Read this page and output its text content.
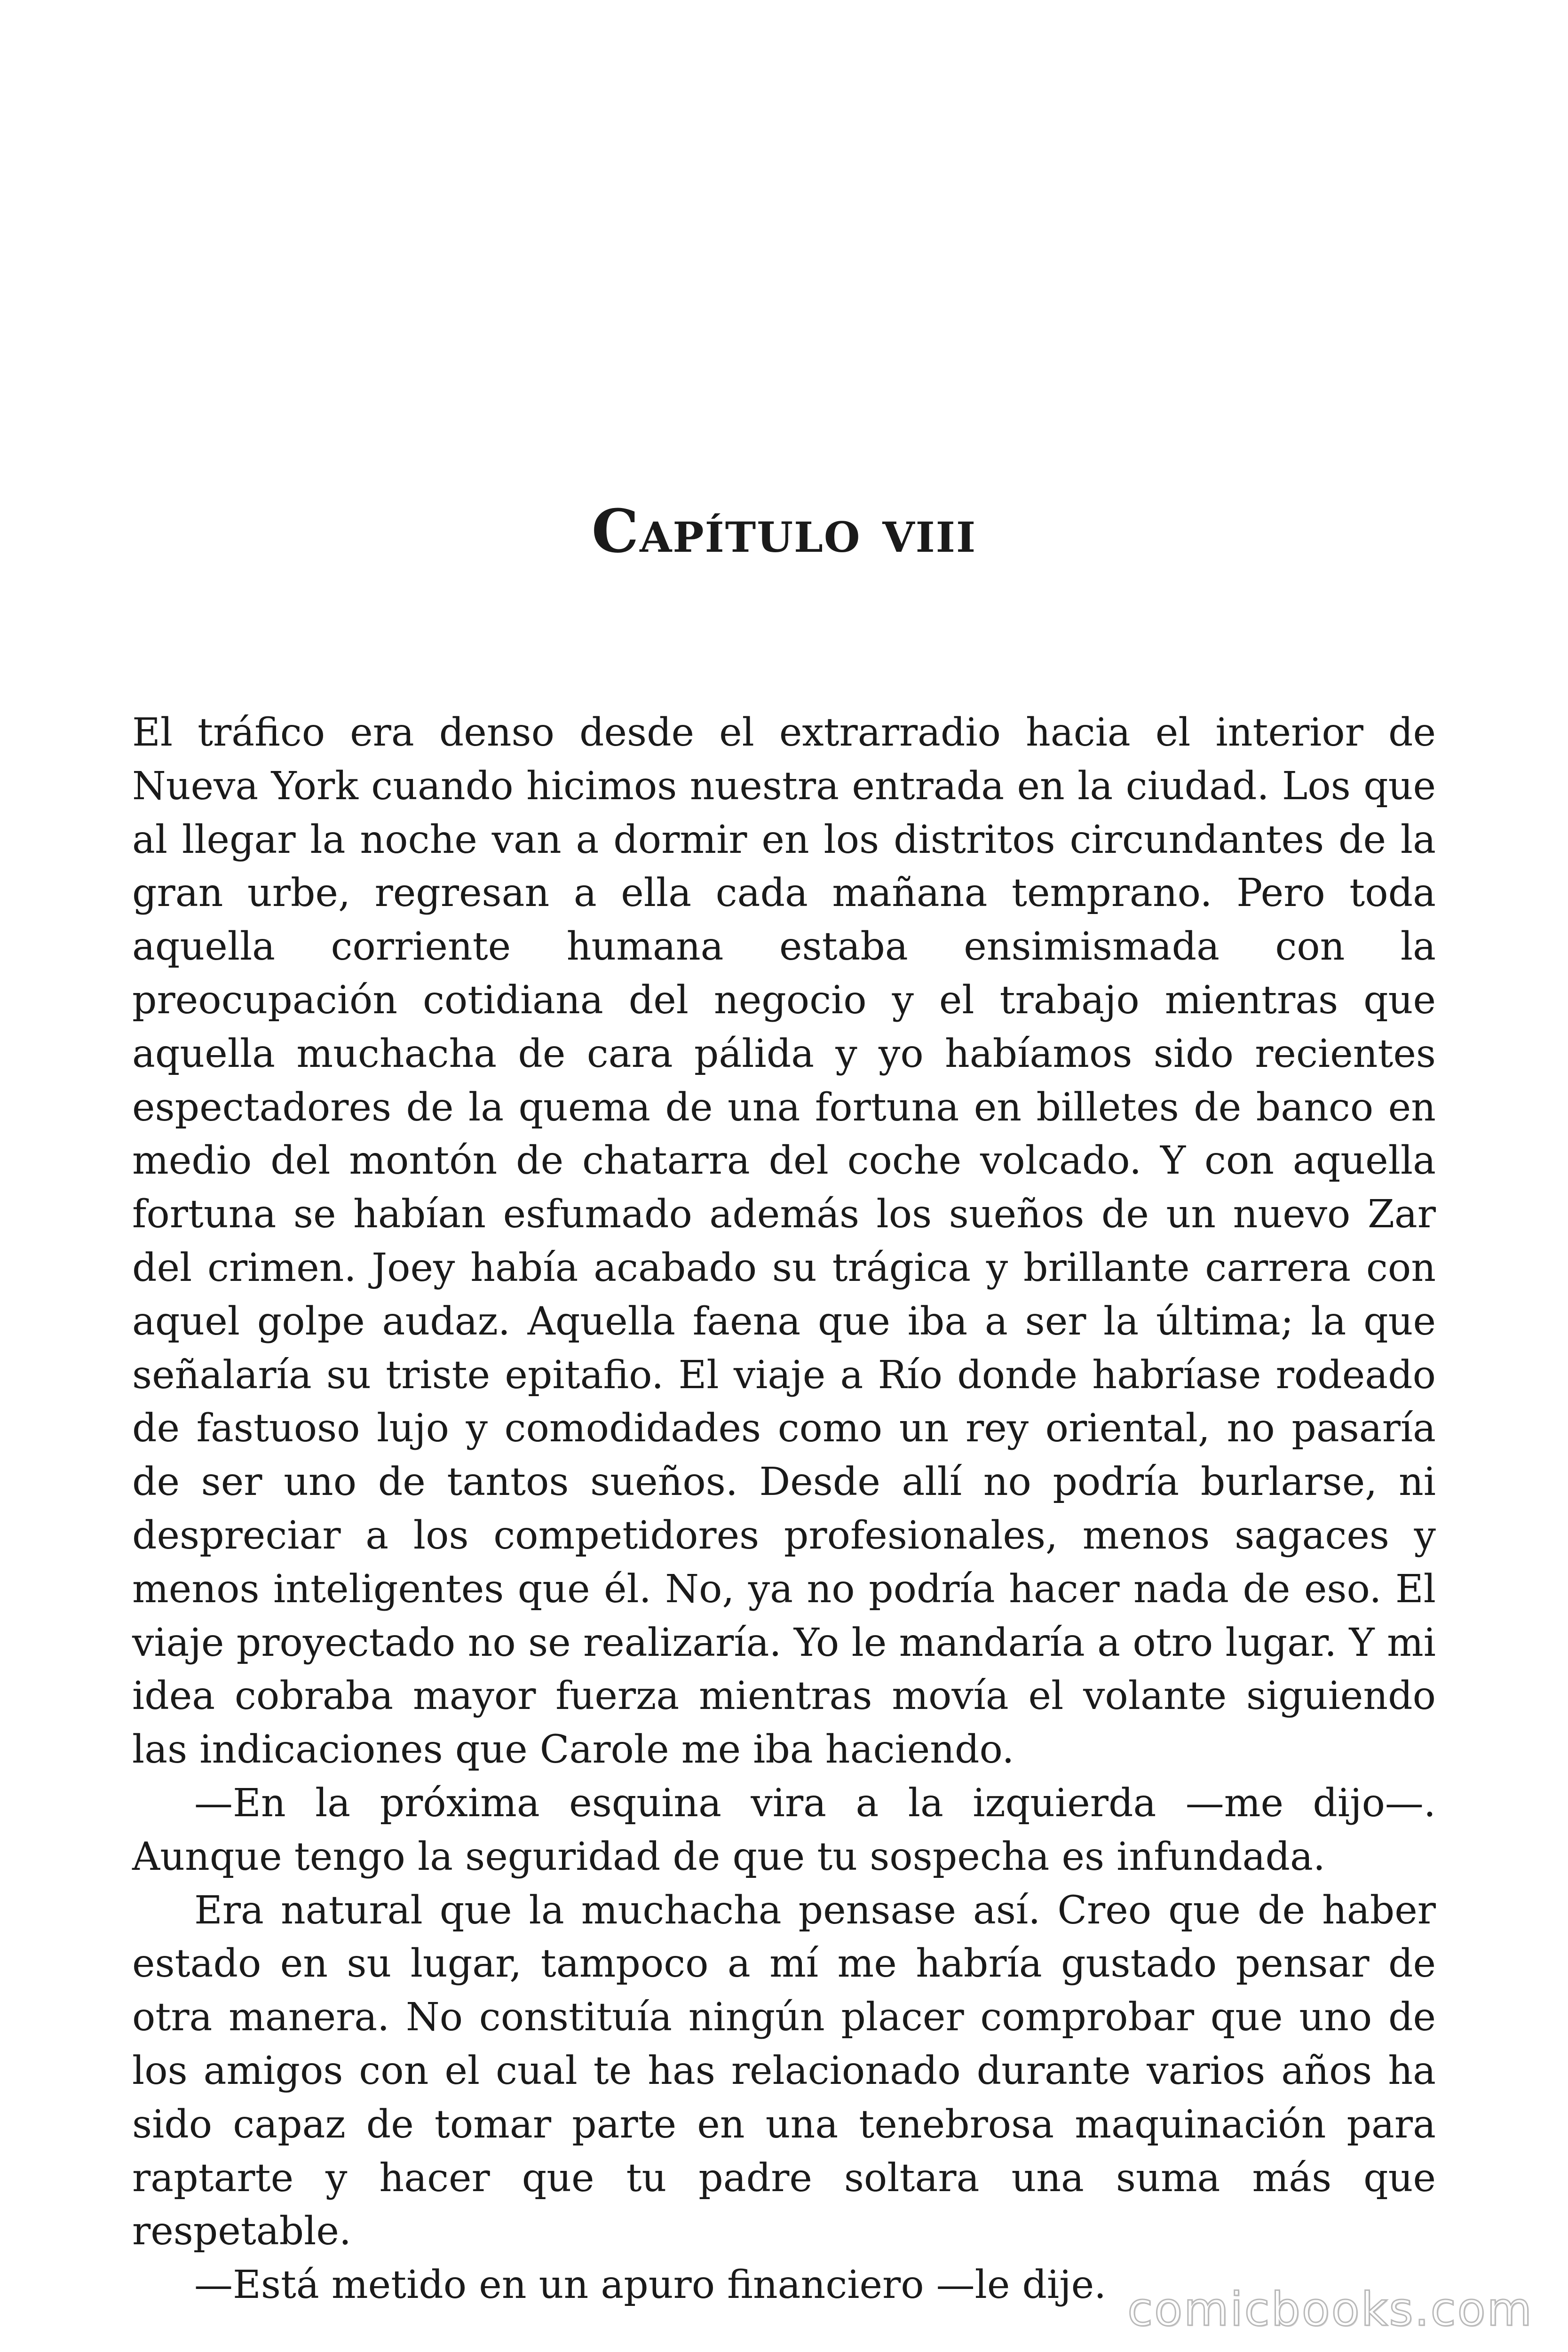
Capítulo viii

El tráfico era denso desde el extrarradio hacia el interior de Nueva York cuando hicimos nuestra entrada en la ciudad. Los que al llegar la noche van a dormir en los distritos circundantes de la gran urbe, regresan a ella cada mañana temprano. Pero toda aquella corriente humana estaba ensimismada con la preocupación cotidiana del negocio y el trabajo mientras que aquella muchacha de cara pálida y yo habíamos sido recientes espectadores de la quema de una fortuna en billetes de banco en medio del montón de chatarra del coche volcado. Y con aquella fortuna se habían esfumado además los sueños de un nuevo Zar del crimen. Joey había acabado su trágica y brillante carrera con aquel golpe audaz. Aquella faena que iba a ser la última; la que señalaría su triste epitafio. El viaje a Río donde habríase rodeado de fastuoso lujo y comodidades como un rey oriental, no pasaría de ser uno de tantos sueños. Desde allí no podría burlarse, ni despreciar a los competidores profesionales, menos sagaces y menos inteligentes que él. No, ya no podría hacer nada de eso. El viaje proyectado no se realizaría. Yo le mandaría a otro lugar. Y mi idea cobraba mayor fuerza mientras movía el volante siguiendo las indicaciones que Carole me iba haciendo.

—En la próxima esquina vira a la izquierda —me dijo—. Aunque tengo la seguridad de que tu sospecha es infundada.

Era natural que la muchacha pensase así. Creo que de haber estado en su lugar, tampoco a mí me habría gustado pensar de otra manera. No constituía ningún placer comprobar que uno de los amigos con el cual te has relacionado durante varios años ha sido capaz de tomar parte en una tenebrosa maquinación para raptarte y hacer que tu padre soltara una suma más que respetable.

—Está metido en un apuro financiero —le dije. comicbooks.com
